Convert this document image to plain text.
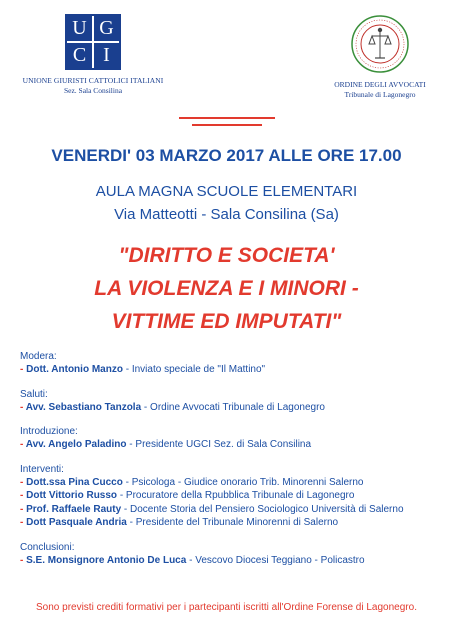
U G
C I
UNIONE GIURISTI CATTOLICI ITALIANI
Sez. Sala Consilina
ORDINE DEGLI AVVOCATI
Tribunale di Lagonegro
VENERDI' 03 MARZO 2017 ALLE ORE 17.00
AULA MAGNA SCUOLE ELEMENTARI
Via Matteotti - Sala Consilina (Sa)
"DIRITTO E SOCIETA'
LA VIOLENZA E I MINORI -
VITTIME ED IMPUTATI"
Modera:
- Dott. Antonio Manzo - Inviato speciale de "Il Mattino"
Saluti:
- Avv. Sebastiano Tanzola - Ordine Avvocati Tribunale di Lagonegro
Introduzione:
- Avv. Angelo Paladino - Presidente UGCI Sez. di Sala Consilina
Interventi:
- Dott.ssa Pina Cucco - Psicologa - Giudice onorario Trib. Minorenni Salerno
- Dott Vittorio Russo - Procuratore della Rpubblica Tribunale di Lagonegro
- Prof. Raffaele Rauty - Docente Storia del Pensiero Sociologico Università di Salerno
- Dott Pasquale Andria - Presidente del Tribunale Minorenni di Salerno
Conclusioni:
- S.E. Monsignore Antonio De Luca - Vescovo Diocesi Teggiano - Policastro
Sono previsti crediti formativi per i partecipanti iscritti all'Ordine Forense di Lagonegro.
